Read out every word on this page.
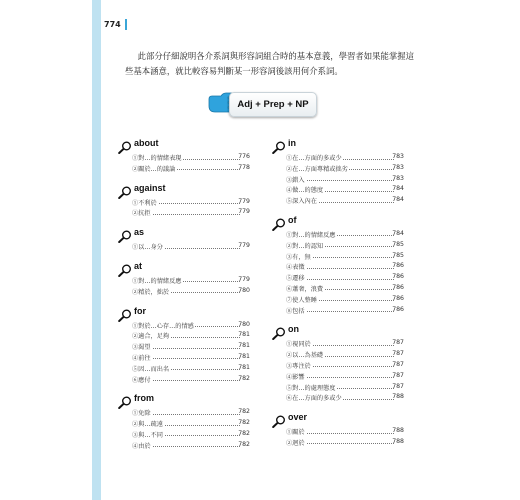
774

此部分仔細說明各介系詞與形容詞組合時的基本意義，學習者如果能掌握這

些基本涵意，就比較容易判斷某一形容詞後該用何介系詞。

Adj + Prep + NP
about
①對…的情緒表現	776
②關於…的議論	778
against
①不利於	779
②抗拒	779
as
①以…身分	779
at
①對…的情緒反應	779
②精於，拙於	780
for
①對於…心存…的情感	780
②適合，足夠	781
③渴望	781
④前往	781
⑤因…而出名	781
⑥應付	782
from
①免除	782
②與…疏遠	782
③與…不同	782
④由於	782
in
①在…方面的多或少	783
②在…方面專精或拙劣	783
③錯入	783
④做…的態度	784
⑤深入內在	784
of
①對…的情緒反應	784
②對…的認知	785
③有，無	785
④表徵	786
⑤遷移	786
⑥蕭奢，浪費	786
⑦使人整睡	786
⑧包括	786
on
①視同於	787
②以…為基礎	787
③專注於	787
④影響	787
⑤對…的處理態度	787
⑥在…方面的多或少	788
over
①關於	788
②迴於	788
